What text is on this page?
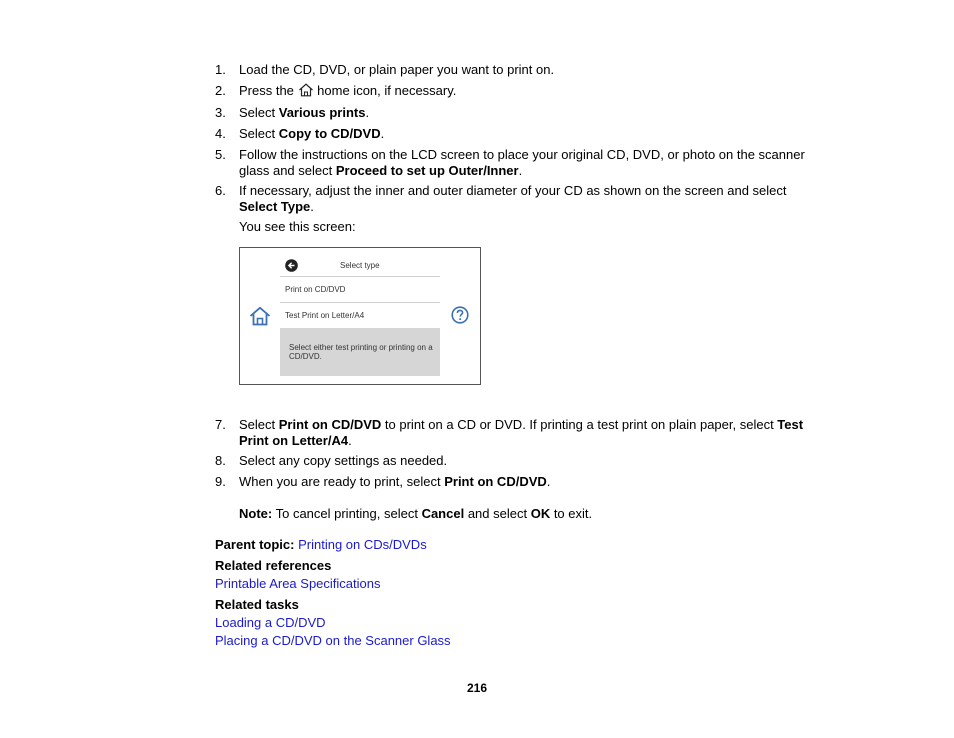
1.	Load the CD, DVD, or plain paper you want to print on.
2.	Press the home icon, if necessary.
3.	Select Various prints.
4.	Select Copy to CD/DVD.
5.	Follow the instructions on the LCD screen to place your original CD, DVD, or photo on the scanner glass and select Proceed to set up Outer/Inner.
6.	If necessary, adjust the inner and outer diameter of your CD as shown on the screen and select Select Type.
You see this screen:
Select type
Print on CD/DVD
Test Print on Letter/A4
Select either test printing or printing on a CD/DVD.
7.	Select Print on CD/DVD to print on a CD or DVD. If printing a test print on plain paper, select Test Print on Letter/A4.
8.	Select any copy settings as needed.
9.	When you are ready to print, select Print on CD/DVD.
Note: To cancel printing, select Cancel and select OK to exit.
Parent topic: Printing on CDs/DVDs
Related references
Printable Area Specifications
Related tasks
Loading a CD/DVD
Placing a CD/DVD on the Scanner Glass
216
